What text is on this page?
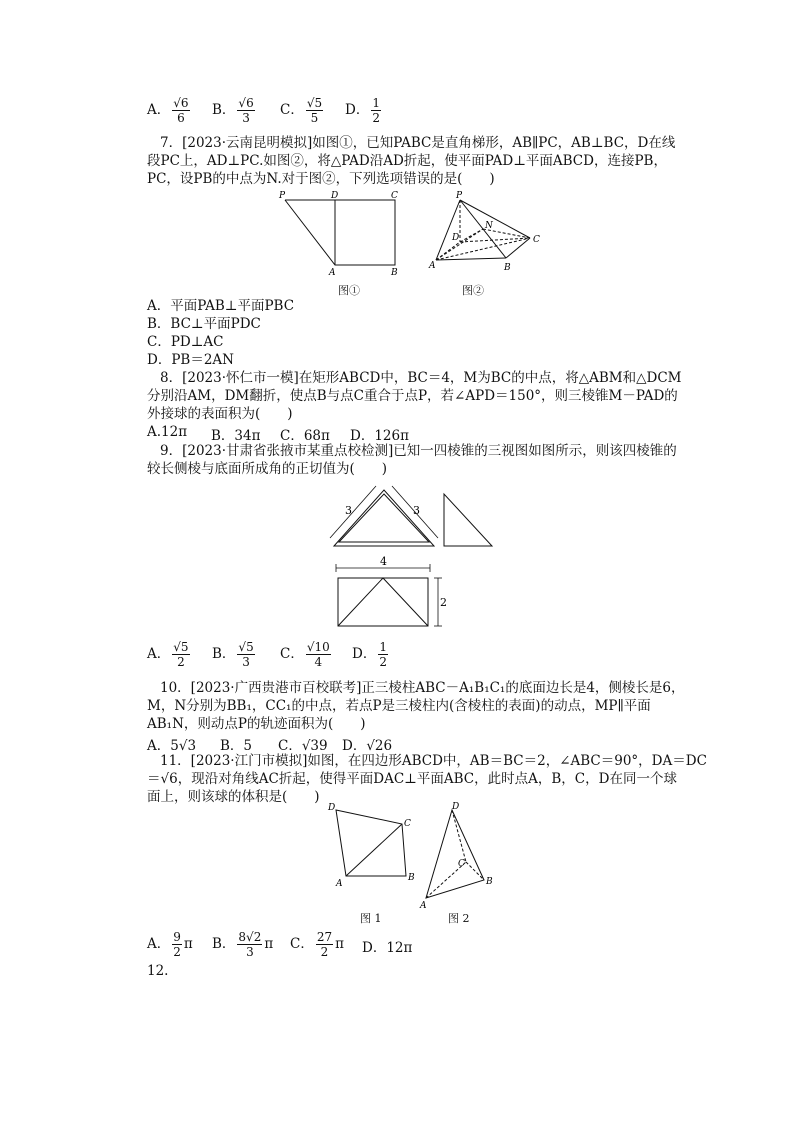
A． $\frac{√6}{6}$ B． $\frac{√6}{3}$ C． $\frac{√5}{5}$ D． $\frac{1}{2}$
7．[2023·云南昆明模拟]如图①，已知PABC是直角梯形，AB∥PC，AB⊥BC，D在线
段PC上，AD⊥PC.如图②，将△PAD沿AD折起，使平面PAD⊥平面ABCD，连接PB，
PC，设PB的中点为N.对于图②，下列选项错误的是(　　)
P	D	C
A	B
图①
P
D
N
C
A	B
图②
A．平面PAB⊥平面PBC
B．BC⊥平面PDC
C．PD⊥AC
D．PB＝2AN
8．[2023·怀仁市一模]在矩形ABCD中，BC＝4，M为BC的中点，将△ABM和△DCM
分别沿AM，DM翻折，使点B与点C重合于点P，若∠APD＝150°，则三棱锥M－PAD的
外接球的表面积为(　　)
A.12π B．34π C．68π D．126π
9．[2023·甘肃省张掖市某重点校检测]已知一四棱锥的三视图如图所示，则该四棱锥的
较长侧棱与底面所成角的正切值为(　　)
3	3
4
2
A． $\frac{√5}{2}$ B． $\frac{√5}{3}$ C． $\frac{√10}{4}$ D． $\frac{1}{2}$
10．[2023·广西贵港市百校联考]正三棱柱ABC－A₁B₁C₁的底面边长是4，侧棱长是6，
M，N分别为BB₁，CC₁的中点，若点P是三棱柱内(含棱柱的表面)的动点，MP∥平面
AB₁N，则动点P的轨迹面积为(　　)
A．5√3 B．5 C．√39 D．√26
11．[2023·江门市模拟]如图，在四边形ABCD中，AB＝BC＝2，∠ABC＝90°，DA＝DC
＝√6，现沿对角线AC折起，使得平面DAC⊥平面ABC，此时点A，B，C，D在同一个球
面上，则该球的体积是(　　)
D
C
A
B
图 1
D
C
A
B
图 2
A． $\frac{9}{2}$ π B． $\frac{8√2}{3}$ π C． $\frac{27}{2}$ π D．12π
12.
